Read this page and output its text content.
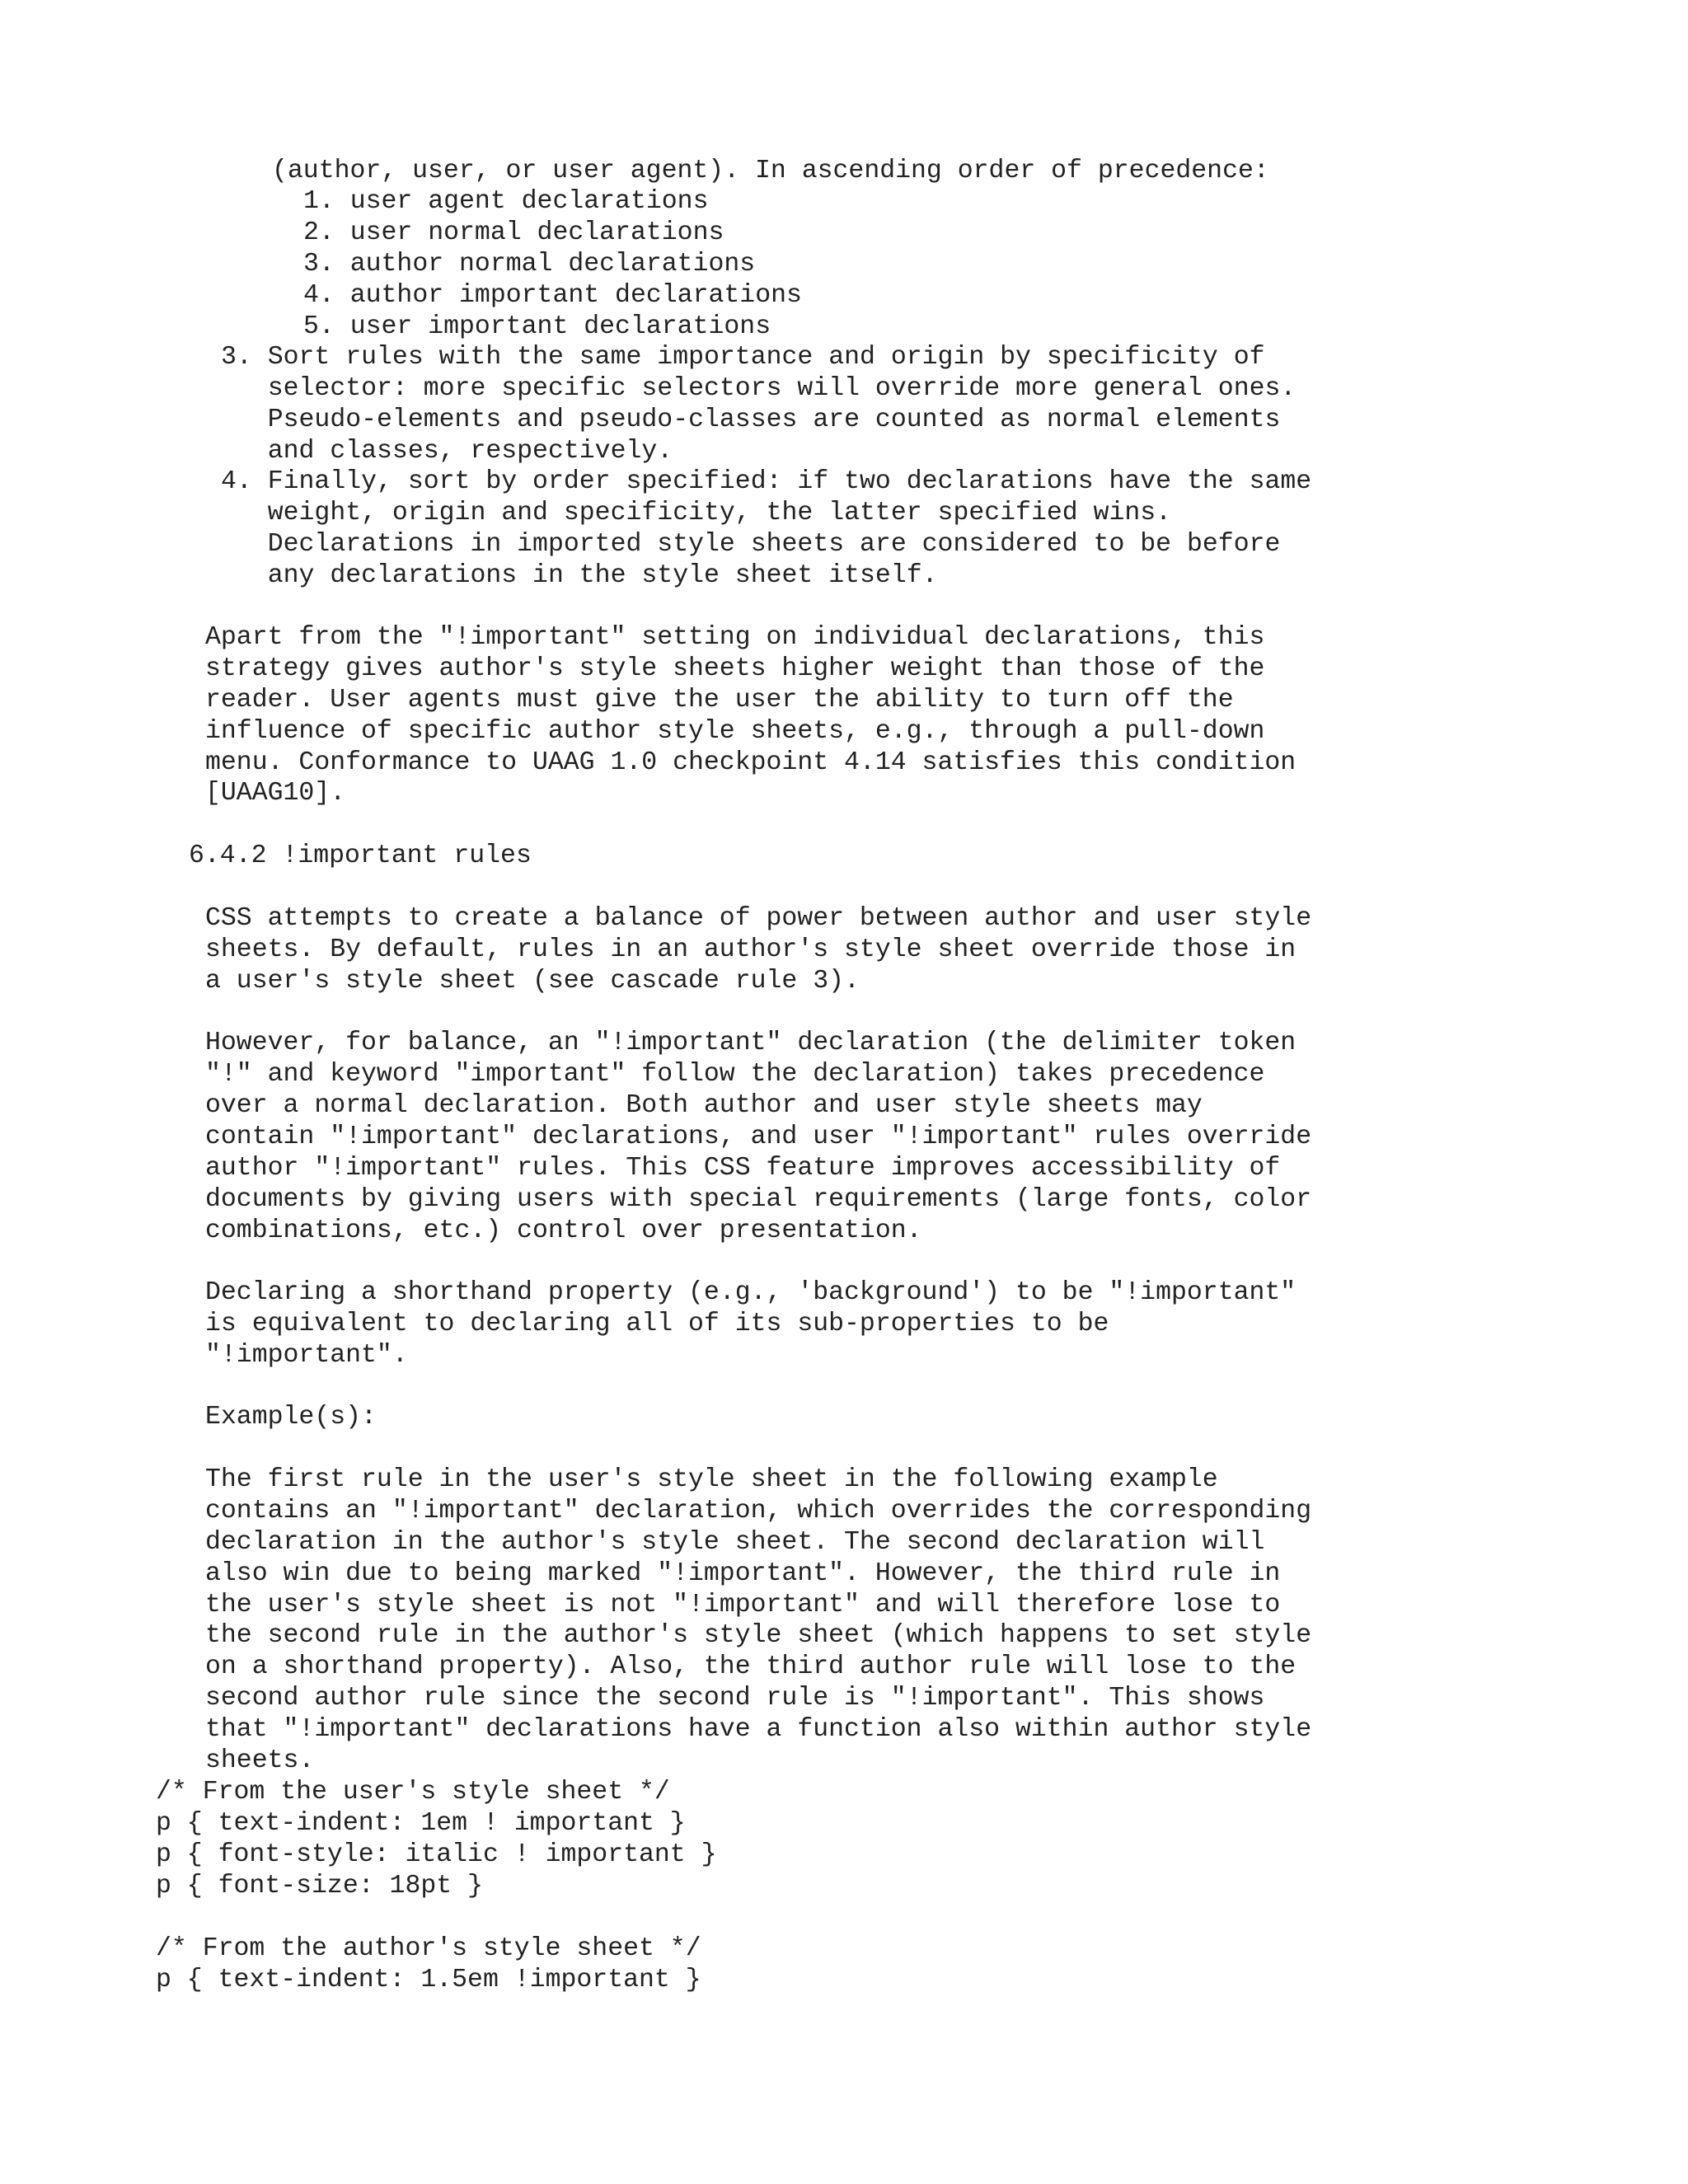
(author, user, or user agent). In ascending order of precedence:
1. user agent declarations
2. user normal declarations
3. author normal declarations
4. author important declarations
5. user important declarations
3. Sort rules with the same importance and origin by specificity of
selector: more specific selectors will override more general ones.
Pseudo-elements and pseudo-classes are counted as normal elements
and classes, respectively.
4. Finally, sort by order specified: if two declarations have the same
weight, origin and specificity, the latter specified wins.
Declarations in imported style sheets are considered to be before
any declarations in the style sheet itself.
Apart from the "!important" setting on individual declarations, this
strategy gives author's style sheets higher weight than those of the
reader. User agents must give the user the ability to turn off the
influence of specific author style sheets, e.g., through a pull-down
menu. Conformance to UAAG 1.0 checkpoint 4.14 satisfies this condition
[UAAG10].
6.4.2 !important rules
CSS attempts to create a balance of power between author and user style
sheets. By default, rules in an author's style sheet override those in
a user's style sheet (see cascade rule 3).
However, for balance, an "!important" declaration (the delimiter token
"!" and keyword "important" follow the declaration) takes precedence
over a normal declaration. Both author and user style sheets may
contain "!important" declarations, and user "!important" rules override
author "!important" rules. This CSS feature improves accessibility of
documents by giving users with special requirements (large fonts, color
combinations, etc.) control over presentation.
Declaring a shorthand property (e.g., 'background') to be "!important"
is equivalent to declaring all of its sub-properties to be
"!important".
Example(s):
The first rule in the user's style sheet in the following example
contains an "!important" declaration, which overrides the corresponding
declaration in the author's style sheet. The second declaration will
also win due to being marked "!important". However, the third rule in
the user's style sheet is not "!important" and will therefore lose to
the second rule in the author's style sheet (which happens to set style
on a shorthand property). Also, the third author rule will lose to the
second author rule since the second rule is "!important". This shows
that "!important" declarations have a function also within author style
sheets.
/* From the user's style sheet */
p { text-indent: 1em ! important }
p { font-style: italic ! important }
p { font-size: 18pt }
/* From the author's style sheet */
p { text-indent: 1.5em !important }
